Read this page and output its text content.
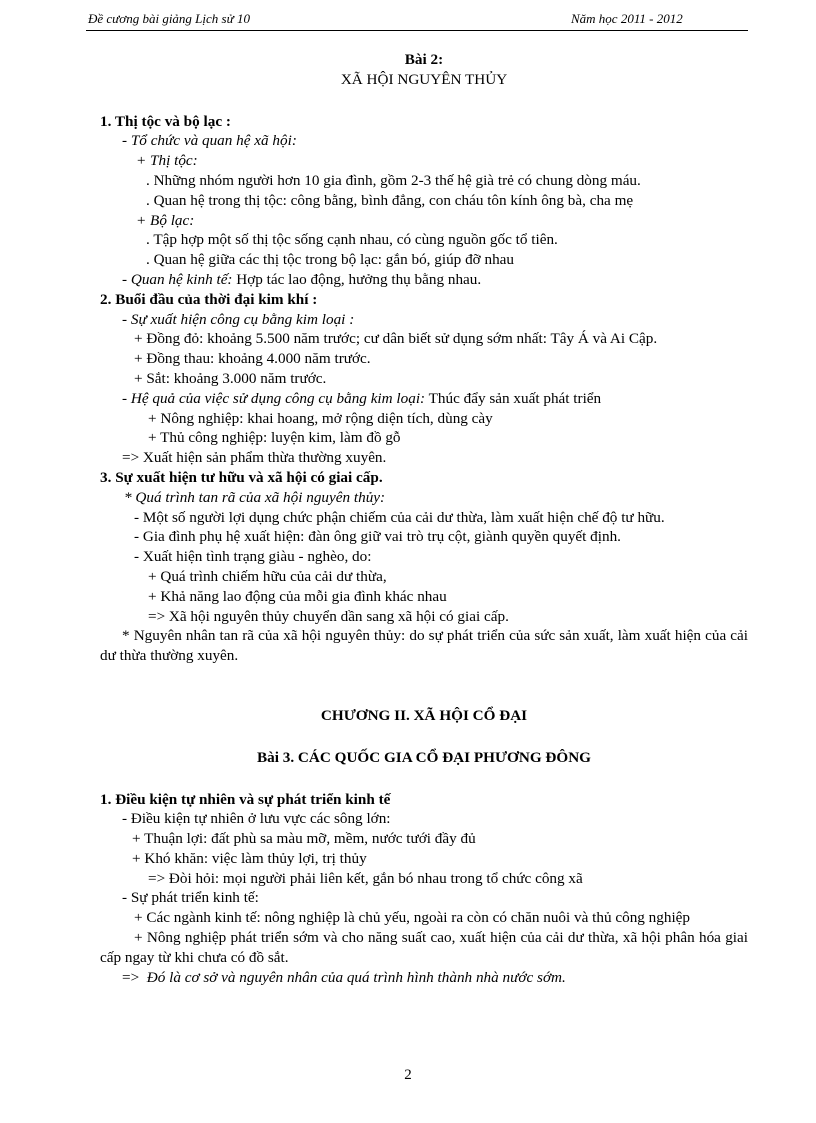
Đề cương bài giảng Lịch sử 10	Năm học 2011 - 2012
Bài 2:
XÃ HỘI NGUYÊN THỦY
1. Thị tộc và bộ lạc :
- Tổ chức và quan hệ xã hội:
+ Thị tộc:
. Những nhóm người hơn 10 gia đình, gồm 2-3 thế hệ già trẻ có chung dòng máu.
. Quan hệ trong thị tộc: công bằng, bình đẳng, con cháu tôn kính ông bà, cha mẹ
+ Bộ lạc:
. Tập hợp một số thị tộc sống cạnh nhau, có cùng nguồn gốc tổ tiên.
. Quan hệ giữa các thị tộc trong bộ lạc: gắn bó, giúp đỡ nhau
- Quan hệ kinh tế: Hợp tác lao động, hưởng thụ bằng nhau.
2. Buổi đầu của thời đại kim khí :
- Sự xuất hiện công cụ bằng kim loại :
+ Đồng đỏ: khoảng 5.500 năm trước; cư dân biết sử dụng sớm nhất: Tây Á và Ai Cập.
+ Đồng thau: khoảng 4.000 năm trước.
+ Sắt: khoảng 3.000 năm trước.
- Hệ quả của việc sử dụng công cụ bằng kim loại: Thúc đẩy sản xuất phát triển
+ Nông nghiệp: khai hoang, mở rộng diện tích, dùng cày
+ Thủ công nghiệp: luyện kim, làm đồ gỗ
=> Xuất hiện sản phẩm thừa thường xuyên.
3. Sự xuất hiện tư hữu và xã hội có giai cấp.
* Quá trình tan rã của xã hội nguyên thủy:
- Một số người lợi dụng chức phận chiếm của cải dư thừa, làm xuất hiện chế độ tư hữu.
- Gia đình phụ hệ xuất hiện: đàn ông giữ vai trò trụ cột, giành quyền quyết định.
- Xuất hiện tình trạng giàu - nghèo, do:
+ Quá trình chiếm hữu của cải dư thừa,
+ Khả năng lao động của mỗi gia đình khác nhau
=> Xã hội nguyên thủy chuyển dần sang xã hội có giai cấp.
* Nguyên nhân tan rã của xã hội nguyên thủy: do sự phát triển của sức sản xuất, làm xuất hiện của cải dư thừa thường xuyên.
CHƯƠNG II. XÃ HỘI CỔ ĐẠI
Bài 3. CÁC QUỐC GIA CỔ ĐẠI PHƯƠNG ĐÔNG
1. Điều kiện tự nhiên và sự phát triển kinh tế
- Điều kiện tự nhiên ở lưu vực các sông lớn:
+ Thuận lợi: đất phù sa màu mỡ, mềm, nước tưới đầy đủ
+ Khó khăn: việc làm thủy lợi, trị thủy
=> Đòi hỏi: mọi người phải liên kết, gắn bó nhau trong tổ chức công xã
- Sự phát triển kinh tế:
+ Các ngành kinh tế: nông nghiệp là chủ yếu, ngoài ra còn có chăn nuôi và thủ công nghiệp
+ Nông nghiệp phát triển sớm và cho năng suất cao, xuất hiện của cải dư thừa, xã hội phân hóa giai cấp ngay từ khi chưa có đồ sắt.
=> Đó là cơ sở và nguyên nhân của quá trình hình thành nhà nước sớm.
2
